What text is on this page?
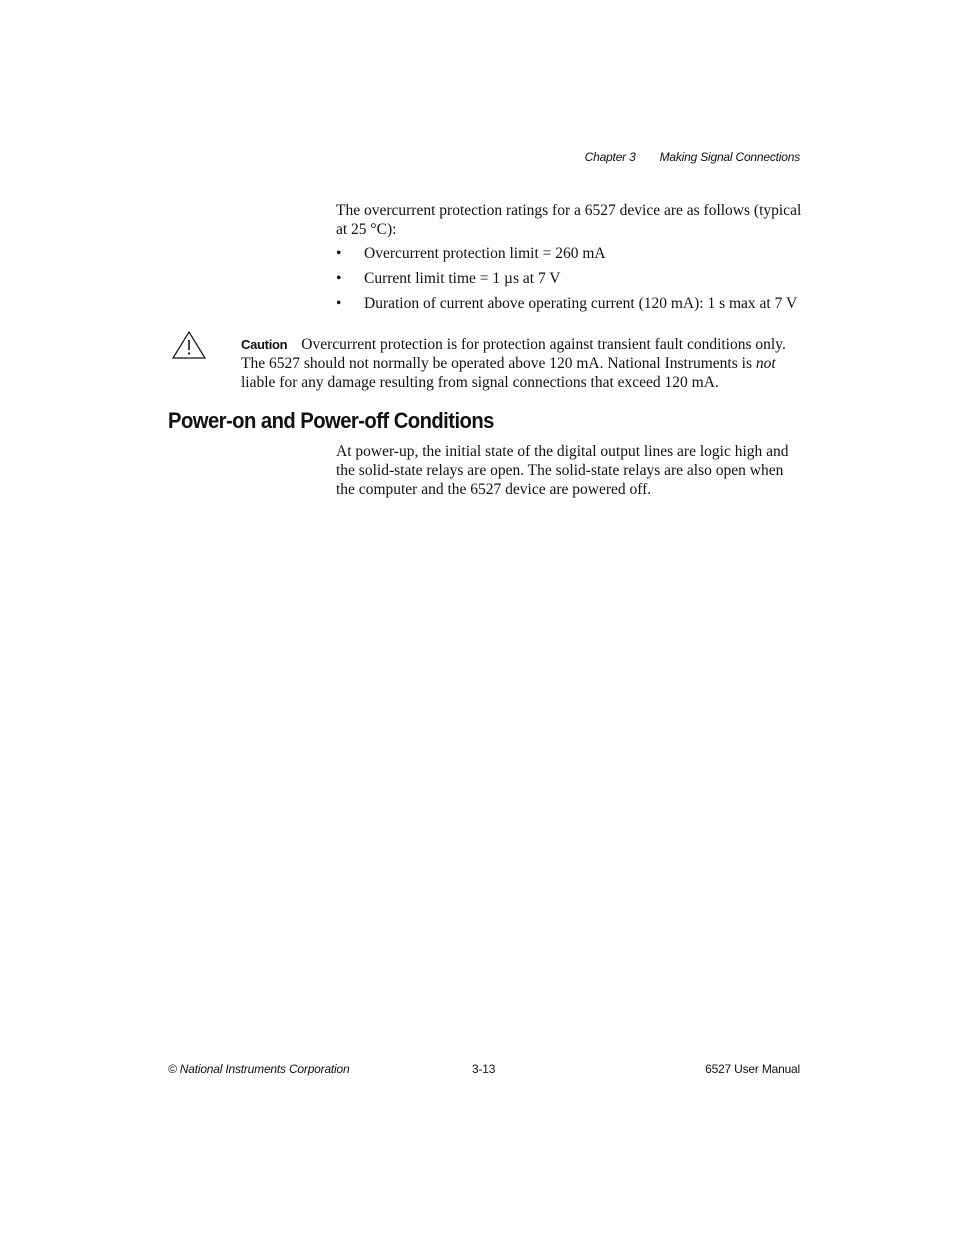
Chapter 3 Making Signal Connections

The overcurrent protection ratings for a 6527 device are as follows (typical at 25 °C):

• Overcurrent protection limit = 260 mA
• Current limit time = 1 µs at 7 V
• Duration of current above operating current (120 mA): 1 s max at 7 V

Caution Overcurrent protection is for protection against transient fault conditions only. The 6527 should not normally be operated above 120 mA. National Instruments is not liable for any damage resulting from signal connections that exceed 120 mA.

Power-on and Power-off Conditions

At power-up, the initial state of the digital output lines are logic high and the solid-state relays are open. The solid-state relays are also open when the computer and the 6527 device are powered off.

© National Instruments Corporation	3-13	6527 User Manual
